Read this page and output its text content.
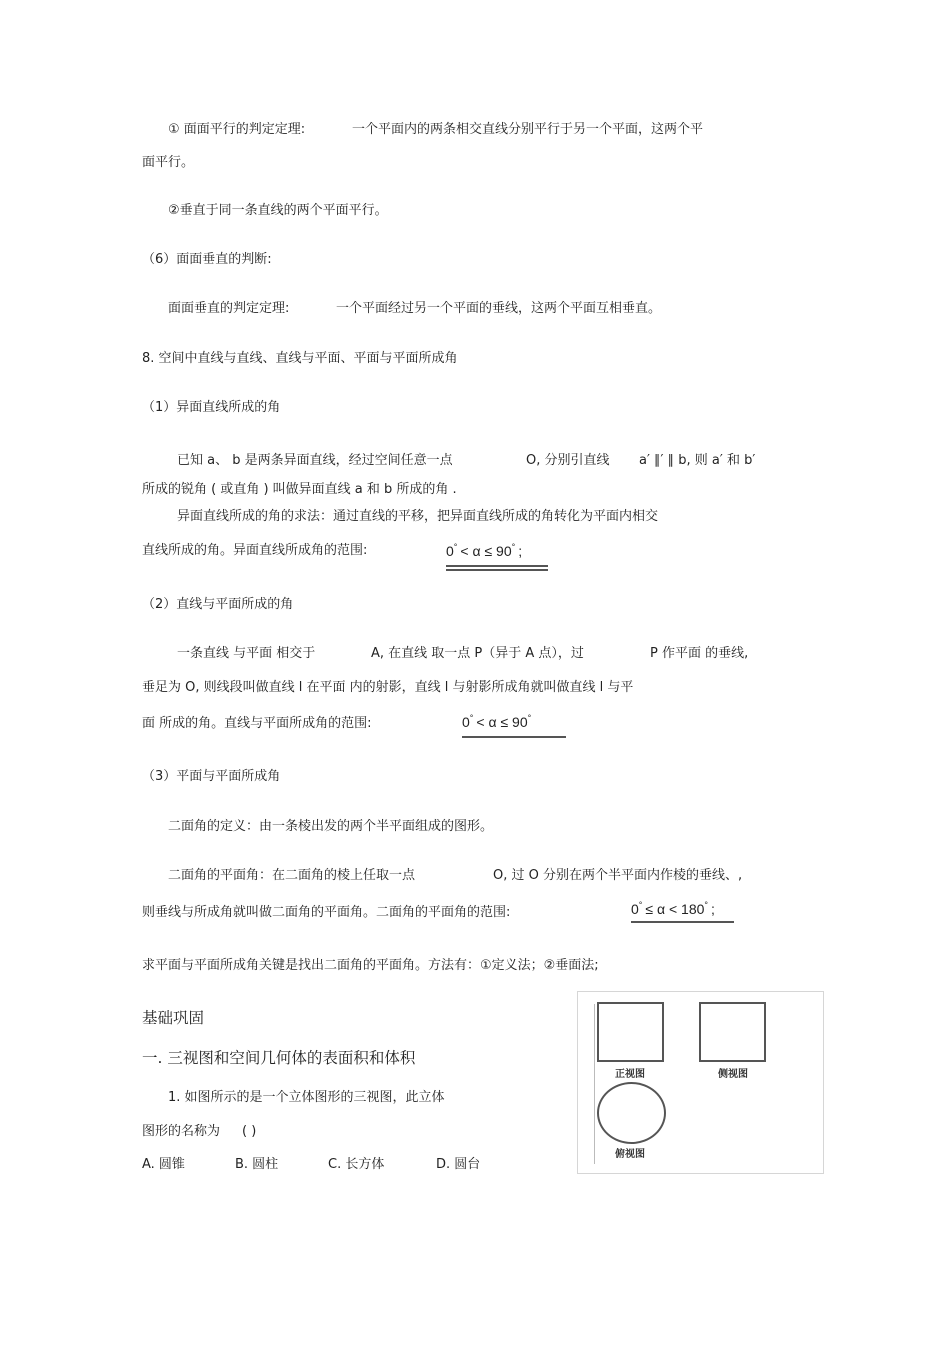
① 面面平行的判定定理:	一个平面内的两条相交直线分别平行于另一个平面，这两个平
面平行。
②垂直于同一条直线的两个平面平行。
（6）面面垂直的判断:
面面垂直的判定定理:	一个平面经过另一个平面的垂线，这两个平面互相垂直。
8. 空间中直线与直线、直线与平面、平面与平面所成角
（1）异面直线所成的角
已知 a、 b 是两条异面直线，经过空间任意一点	O, 分别引直线 a′ ∥′ ∥ b, 则 a′ 和 b′
所成的锐角 ( 或直角 ) 叫做异面直线 a 和 b 所成的角 .
异面直线所成的角的求法：通过直线的平移，把异面直线所成的角转化为平面内相交
直线所成的角。异面直线所成角的范围:	0° < α ≤ 90° ;
（2）直线与平面所成的角
一条直线 与平面 相交于	A, 在直线 取一点 P（异于 A 点），过	P 作平面 的垂线,
垂足为 O, 则线段叫做直线 l 在平面 内的射影，直线 l 与射影所成角就叫做直线 l 与平
面 所成的角。直线与平面所成角的范围:	0° < α ≤ 90°
（3）平面与平面所成角
二面角的定义：由一条棱出发的两个半平面组成的图形。
二面角的平面角：在二面角的棱上任取一点	O, 过 O 分别在两个半平面内作棱的垂线、,
则垂线与所成角就叫做二面角的平面角。二面角的平面角的范围:	0° ≤ α < 180° ;
求平面与平面所成角关键是找出二面角的平面角。方法有：①定义法；②垂面法;
基础巩固
一. 三视图和空间几何体的表面积和体积
1. 如图所示的是一个立体图形的三视图，此立体
图形的名称为 ( )
A. 圆锥	B. 圆柱	C. 长方体	D. 圆台
正视图	侧视图
俯视图
